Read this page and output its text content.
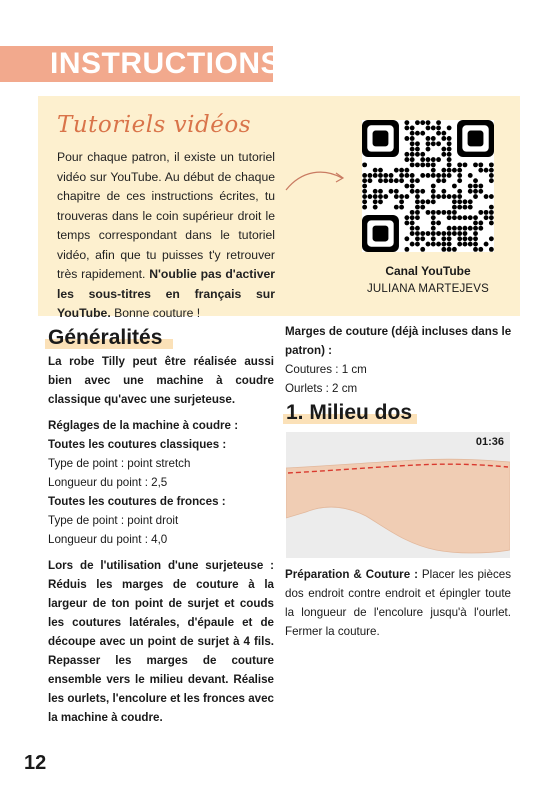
INSTRUCTIONS
Tutoriels vidéos
Pour chaque patron, il existe un tutoriel vidéo sur YouTube. Au début de chaque chapitre de ces instructions écrites, tu trouveras dans le coin supérieur droit le temps correspondant dans le tutoriel vidéo, afin que tu puisses t'y retrouver très rapidement. N'oublie pas d'activer les sous-titres en français sur YouTube. Bonne couture !
Canal YouTube
JULIANA MARTEJEVS
Généralités

La robe Tilly peut être réalisée aussi bien avec une machine à coudre classique qu'avec une surjeteuse.

Réglages de la machine à coudre :

Toutes les coutures classiques :

Type de point : point stretch

Longueur du point : 2,5

Toutes les coutures de fronces :

Type de point : point droit

Longueur du point : 4,0

Lors de l'utilisation d'une surjeteuse : Réduis les marges de couture à la largeur de ton point de surjet et couds les coutures latérales, d'épaule et de découpe avec un point de surjet à 4 fils. Repasser les marges de couture ensemble vers le milieu devant. Réalise les ourlets, l'encolure et les fronces avec la machine à coudre.

Marges de couture (déjà incluses dans le patron) :

Coutures : 1 cm

Ourlets : 2 cm

1. Milieu dos
01:36
Préparation & Couture : Placer les pièces dos endroit contre endroit et épingler toute la longueur de l'encolure jusqu'à l'ourlet. Fermer la couture.
12
